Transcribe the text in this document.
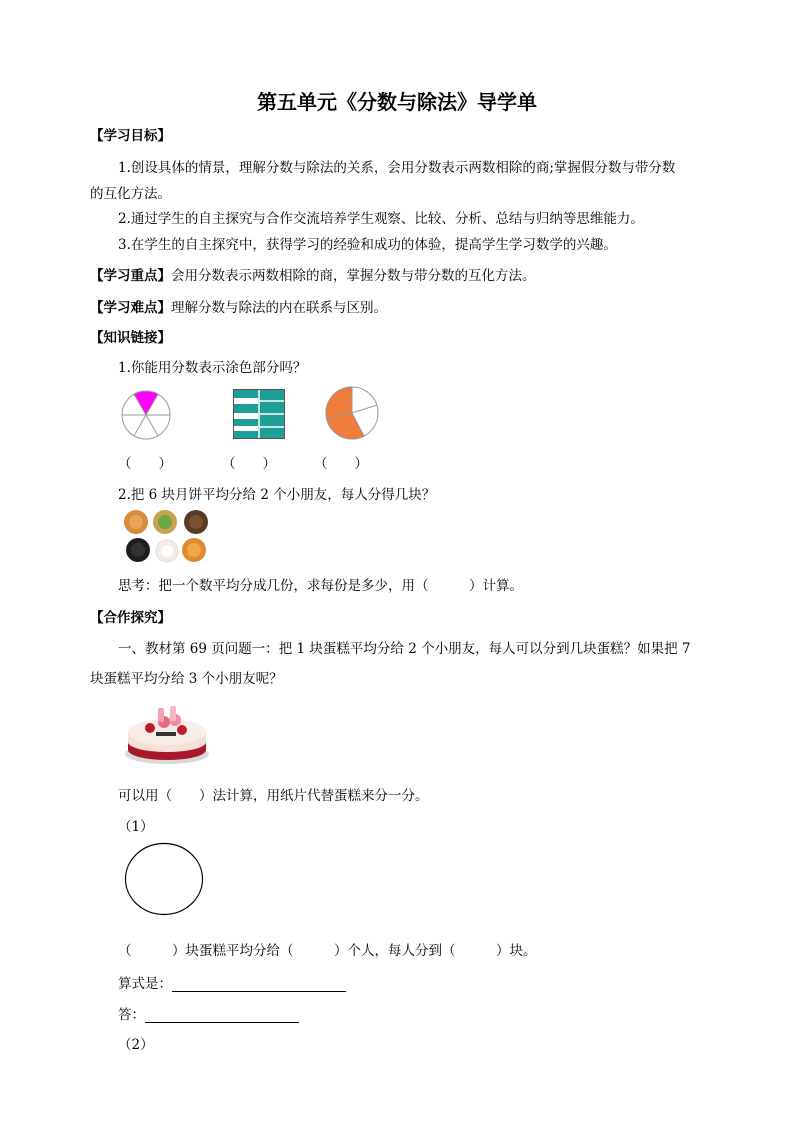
第五单元《分数与除法》导学单
【学习目标】
1.创设具体的情景，理解分数与除法的关系，会用分数表示两数相除的商;掌握假分数与带分数
的互化方法。
2.通过学生的自主探究与合作交流培养学生观察、比较、分析、总结与归纳等思维能力。
3.在学生的自主探究中，获得学习的经验和成功的体验，提高学生学习数学的兴趣。
【学习重点】会用分数表示两数相除的商，掌握分数与带分数的互化方法。
【学习难点】理解分数与除法的内在联系与区别。
【知识链接】
1.你能用分数表示涂色部分吗？
（　　）	（　　）	（　　）
2.把 6 块月饼平均分给 2 个小朋友，每人分得几块？
思考：把一个数平均分成几份，求每份是多少，用（　　　）计算。
【合作探究】
一、教材第 69 页问题一：把 1 块蛋糕平均分给 2 个小朋友，每人可以分到几块蛋糕？如果把 7
块蛋糕平均分给 3 个小朋友呢？
可以用（　　）法计算，用纸片代替蛋糕来分一分。
（1）
（　　　）块蛋糕平均分给（　　　）个人，每人分到（　　　）块。
算式是：
答：
（2）
